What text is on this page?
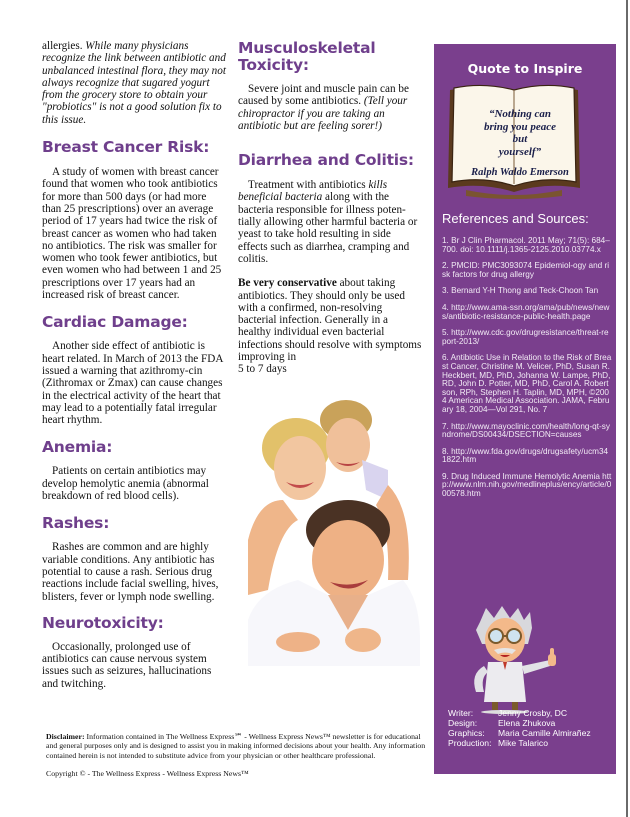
allergies. While many physicians recognize the link between antibiotic and unbalanced intestinal flora, they may not always recognize that sugared yogurt from the grocery store to obtain your "probiotics" is not a good solution fix to this issue.

Breast Cancer Risk:

A study of women with breast cancer found that women who took antibiotics for more than 500 days (or had more than 25 prescriptions) over an average period of 17 years had twice the risk of breast cancer as women who had taken no antibiotics. The risk was smaller for women who took fewer antibiotics, but even women who had between 1 and 25 prescriptions over 17 years had an increased risk of breast cancer.

Cardiac Damage:

Another side effect of antibiotic is heart related. In March of 2013 the FDA issued a warning that azithromy-cin (Zithromax or Zmax) can cause changes in the electrical activity of the heart that may lead to a potentially fatal irregular heart rhythm.

Anemia:

Patients on certain antibiotics may develop hemolytic anemia (abnormal breakdown of red blood cells).

Rashes:

Rashes are common and are highly variable conditions. Any antibiotic has potential to cause a rash. Serious drug reactions include facial swelling, hives, blisters, fever or lymph node swelling.

Neurotoxicity:

Occasionally, prolonged use of antibiotics can cause nervous system issues such as seizures, hallucinations and twitching.

Musculoskeletal Toxicity:

Severe joint and muscle pain can be caused by some antibiotics. (Tell your chiropractor if you are taking an antibiotic but are feeling sorer!)

Diarrhea and Colitis:

Treatment with antibiotics kills beneficial bacteria along with the bacteria responsible for illness poten-tially allowing other harmful bacteria or yeast to take hold resulting in side effects such as diarrhea, cramping and colitis.

Be very conservative about taking antibiotics. They should only be used with a confirmed, non-resolving bacterial infection. Generally in a healthy individual even bacterial infections should resolve with symptoms improving in
5 to 7 days

Quote to Inspire
“Nothing can
bring you peace
but
yourself”
Ralph Waldo Emerson
References and Sources:

1. Br J Clin Pharmacol. 2011 May; 71(5): 684–700. doi: 10.1111/j.1365-2125.2010.03774.x

2. PMCID: PMC3093074 Epidemiol-ogy and risk factors for drug allergy

3. Bernard Y-H Thong and Teck-Choon Tan

4. http://www.ama-ssn.org/ama/pub/news/news/antibiotic-resistance-public-health.page

5. http://www.cdc.gov/drugresistance/threat-report-2013/

6. Antibiotic Use in Relation to the Risk of Breast Cancer, Christine M. Velicer, PhD, Susan R. Heckbert, MD, PhD, Johanna W. Lampe, PhD, RD, John D. Potter, MD, PhD, Carol A. Robertson, RPh, Stephen H. Taplin, MD, MPH, ©2004 American Medical Association. JAMA, February 18, 2004—Vol 291, No. 7

7. http://www.mayoclinic.com/health/long-qt-syndrome/DS00434/DSECTION=causes

8. http://www.fda.gov/drugs/drugsafety/ucm341822.htm

9. Drug Induced Immune Hemolytic Anemia http://www.nlm.nih.gov/medlineplus/ency/article/000578.htm

Writer:	Jenny Crosby, DC
Design:	Elena Zhukova
Graphics:	Maria Camille Almirañez
Production: Mike Talarico

Disclaimer: Information contained in The Wellness Express℠ - Wellness Express News™ newsletter is for educational and general purposes only and is designed to assist you in making informed decisions about your health. Any information contained herein is not intended to substitute advice from your physician or other healthcare professional.

Copyright © - The Wellness Express - Wellness Express News™
